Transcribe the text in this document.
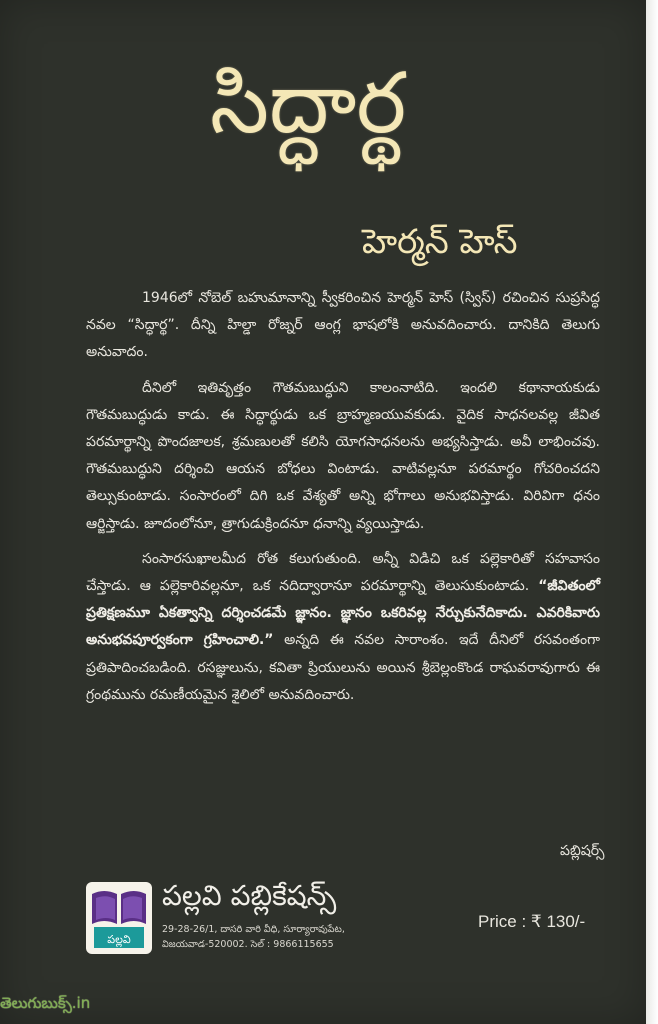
సిద్ధార్థ
హెర్మన్ హెస్

1946లో నోబెల్ బహుమానాన్ని స్వీకరించిన హెర్మన్ హెస్ (స్విస్) రచించిన సుప్రసిద్ధ నవల “సిద్ధార్థ”. దీన్ని హిల్డా రోజ్నర్ ఆంగ్ల భాషలోకి అనువదించారు. దానికిది తెలుగు అనువాదం.

దీనిలో ఇతివృత్తం గౌతమబుద్ధుని కాలంనాటిది. ఇందలి కథానాయకుడు గౌతమబుద్ధుడు కాడు. ఈ సిద్ధార్థుడు ఒక బ్రాహ్మణయువకుడు. వైదిక సాధనలవల్ల జీవిత పరమార్థాన్ని పొందజాలక, శ్రమణులతో కలిసి యోగసాధనలను అభ్యసిస్తాడు. అవీ లాభించవు. గౌతమబుద్ధుని దర్శించి ఆయన బోధలు వింటాడు. వాటివల్లనూ పరమార్థం గోచరించదని తెల్సుకుంటాడు. సంసారంలో దిగి ఒక వేశ్యతో అన్ని భోగాలు అనుభవిస్తాడు. విరివిగా ధనం ఆర్జిస్తాడు. జూదంలోనూ, త్రాగుడుక్రిందనూ ధనాన్ని వ్యయిస్తాడు.

సంసారసుఖాలమీద రోత కలుగుతుంది. అన్నీ విడిచి ఒక పల్లెకారితో సహవాసం చేస్తాడు. ఆ పల్లెకారివల్లనూ, ఒక నదిద్వారానూ పరమార్థాన్ని తెలుసుకుంటాడు. “జీవితంలో ప్రతిక్షణమూ ఏకత్వాన్ని దర్శించడమే జ్ఞానం. జ్ఞానం ఒకరివల్ల నేర్చుకునేదికాదు. ఎవరికివారు అనుభవపూర్వకంగా గ్రహించాలి.” అన్నది ఈ నవల సారాంశం. ఇదే దీనిలో రసవంతంగా ప్రతిపాదించబడింది. రసజ్ఞులును, కవితా ప్రియులును అయిన శ్రీబెల్లంకొండ రాఘవరావుగారు ఈ గ్రంథమును రమణీయమైన శైలిలో అనువదించారు.

పబ్లిషర్స్
పల్లవి
పల్లవి పబ్లికేషన్స్
29-28-26/1, దాసరి వారి వీధి, సూర్యారావుపేట,
విజయవాడ-520002. సెల్ : 9866115655
Price : ₹ 130/-
తెలుగుబుక్స్.in
